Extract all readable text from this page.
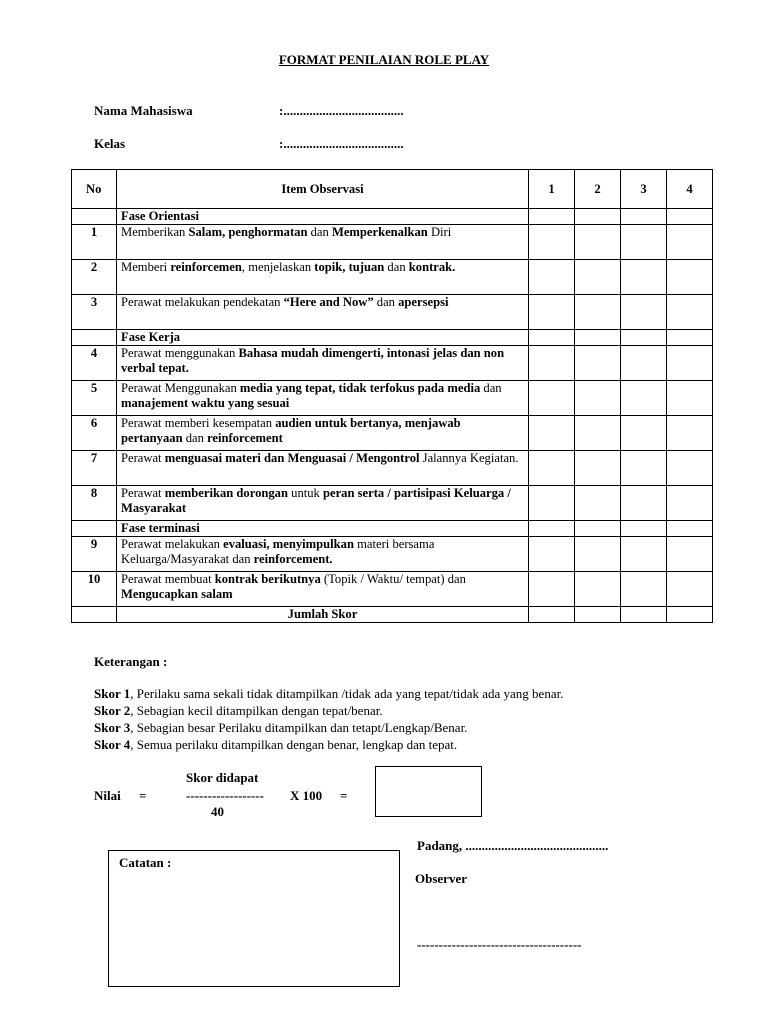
FORMAT PENILAIAN ROLE PLAY
Nama Mahasiswa	:.....................................
Kelas	:.....................................
No	Item Observasi	1	2	3	4
	Fase Orientasi				
1	Memberikan Salam, penghormatan dan Memperkenalkan Diri				
2	Memberi reinforcemen, menjelaskan topik, tujuan dan kontrak.				
3	Perawat melakukan pendekatan “Here and Now” dan apersepsi				
	Fase Kerja				
4	Perawat menggunakan Bahasa mudah dimengerti, intonasi jelas dan non verbal tepat.				
5	Perawat Menggunakan media yang tepat, tidak terfokus pada media dan manajement waktu yang sesuai				
6	Perawat memberi kesempatan audien untuk bertanya, menjawab pertanyaan dan reinforcement				
7	Perawat menguasai materi dan Menguasai / Mengontrol Jalannya Kegiatan.				
8	Perawat memberikan dorongan untuk peran serta / partisipasi Keluarga / Masyarakat				
	Fase terminasi				
9	Perawat melakukan evaluasi, menyimpulkan materi bersama Keluarga/Masyarakat dan reinforcement.				
10	Perawat membuat kontrak berikutnya (Topik / Waktu/ tempat) dan Mengucapkan salam				
	Jumlah Skor				
Keterangan :
Skor 1, Perilaku sama sekali tidak ditampilkan /tidak ada yang tepat/tidak ada yang benar.
Skor 2, Sebagian kecil ditampilkan dengan tepat/benar.
Skor 3, Sebagian besar Perilaku ditampilkan dan tetapt/Lengkap/Benar.
Skor 4, Semua perilaku ditampilkan dengan benar, lengkap dan tepat.
Nilai =
Skor didapat
------------------
40
X 100 =
Catatan :
Padang, ............................................
Observer
--------------------------------------
